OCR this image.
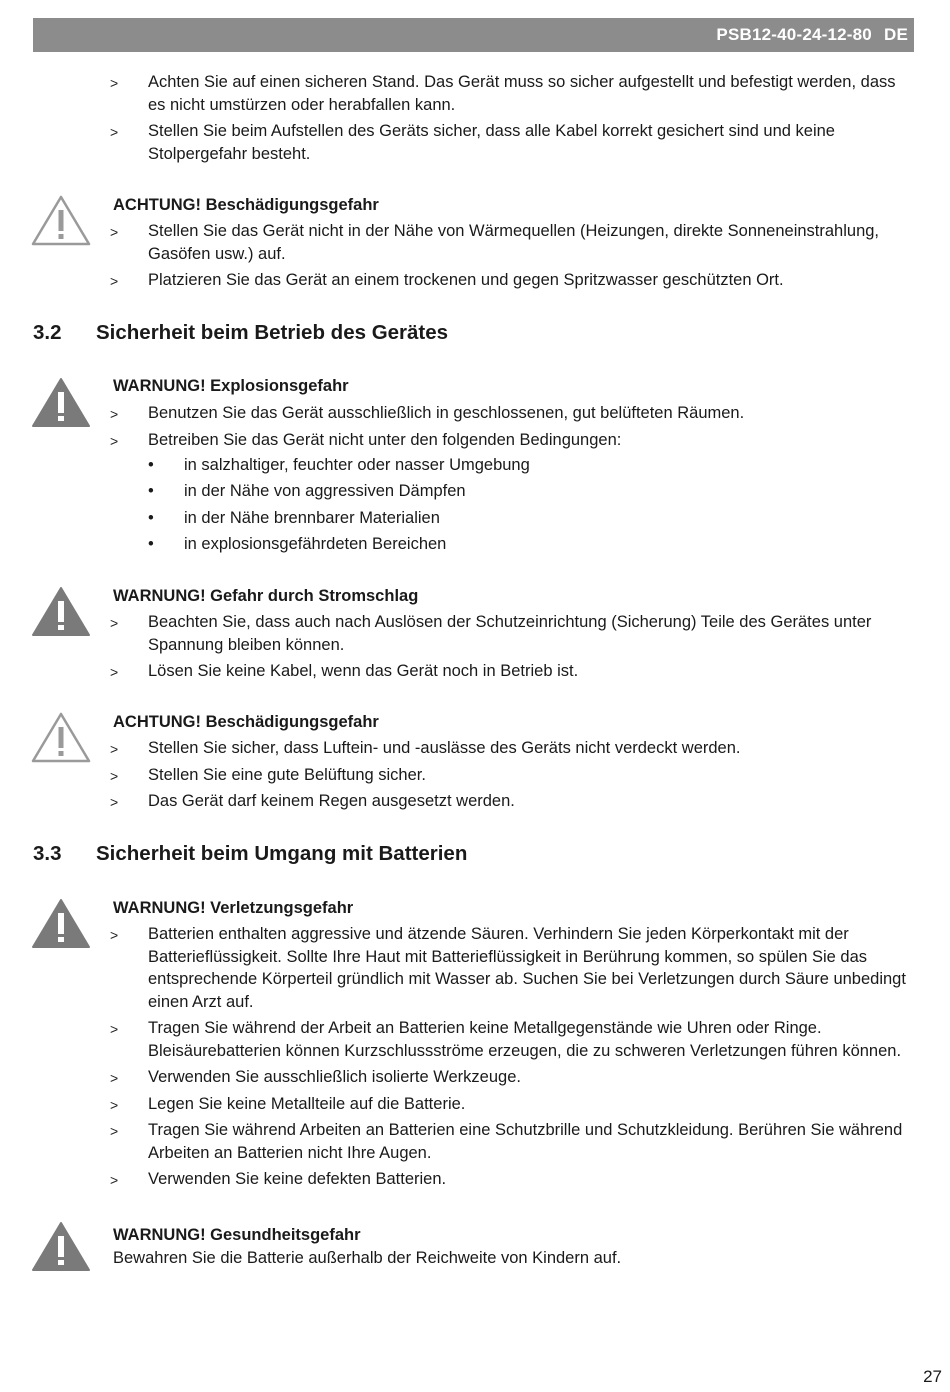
PSB12-40-24-12-80 DE
>	Achten Sie auf einen sicheren Stand. Das Gerät muss so sicher aufgestellt und befestigt werden, dass es nicht umstürzen oder herabfallen kann.
>	Stellen Sie beim Aufstellen des Geräts sicher, dass alle Kabel korrekt gesichert sind und keine Stolpergefahr besteht.
ACHTUNG! Beschädigungsgefahr
>	Stellen Sie das Gerät nicht in der Nähe von Wärmequellen (Heizungen, direkte Sonneneinstrahlung, Gasöfen usw.) auf.
>	Platzieren Sie das Gerät an einem trockenen und gegen Spritzwasser geschützten Ort.
3.2 Sicherheit beim Betrieb des Gerätes
WARNUNG! Explosionsgefahr
>	Benutzen Sie das Gerät ausschließlich in geschlossenen, gut belüfteten Räumen.
>	Betreiben Sie das Gerät nicht unter den folgenden Bedingungen:
•	in salzhaltiger, feuchter oder nasser Umgebung
•	in der Nähe von aggressiven Dämpfen
•	in der Nähe brennbarer Materialien
•	in explosionsgefährdeten Bereichen
WARNUNG! Gefahr durch Stromschlag
>	Beachten Sie, dass auch nach Auslösen der Schutzeinrichtung (Sicherung) Teile des Gerätes unter Spannung bleiben können.
>	Lösen Sie keine Kabel, wenn das Gerät noch in Betrieb ist.
ACHTUNG! Beschädigungsgefahr
>	Stellen Sie sicher, dass Luftein- und -auslässe des Geräts nicht verdeckt werden.
>	Stellen Sie eine gute Belüftung sicher.
>	Das Gerät darf keinem Regen ausgesetzt werden.
3.3 Sicherheit beim Umgang mit Batterien
WARNUNG! Verletzungsgefahr
>	Batterien enthalten aggressive und ätzende Säuren. Verhindern Sie jeden Körperkontakt mit der Batterieflüssigkeit. Sollte Ihre Haut mit Batterieflüssigkeit in Berührung kommen, so spülen Sie das entsprechende Körperteil gründlich mit Wasser ab. Suchen Sie bei Verletzungen durch Säure unbedingt einen Arzt auf.
>	Tragen Sie während der Arbeit an Batterien keine Metallgegenstände wie Uhren oder Ringe. Bleisäurebatterien können Kurzschlussströme erzeugen, die zu schweren Verletzungen führen können.
>	Verwenden Sie ausschließlich isolierte Werkzeuge.
>	Legen Sie keine Metallteile auf die Batterie.
>	Tragen Sie während Arbeiten an Batterien eine Schutzbrille und Schutzkleidung. Berühren Sie während Arbeiten an Batterien nicht Ihre Augen.
>	Verwenden Sie keine defekten Batterien.
WARNUNG! Gesundheitsgefahr
Bewahren Sie die Batterie außerhalb der Reichweite von Kindern auf.
27
